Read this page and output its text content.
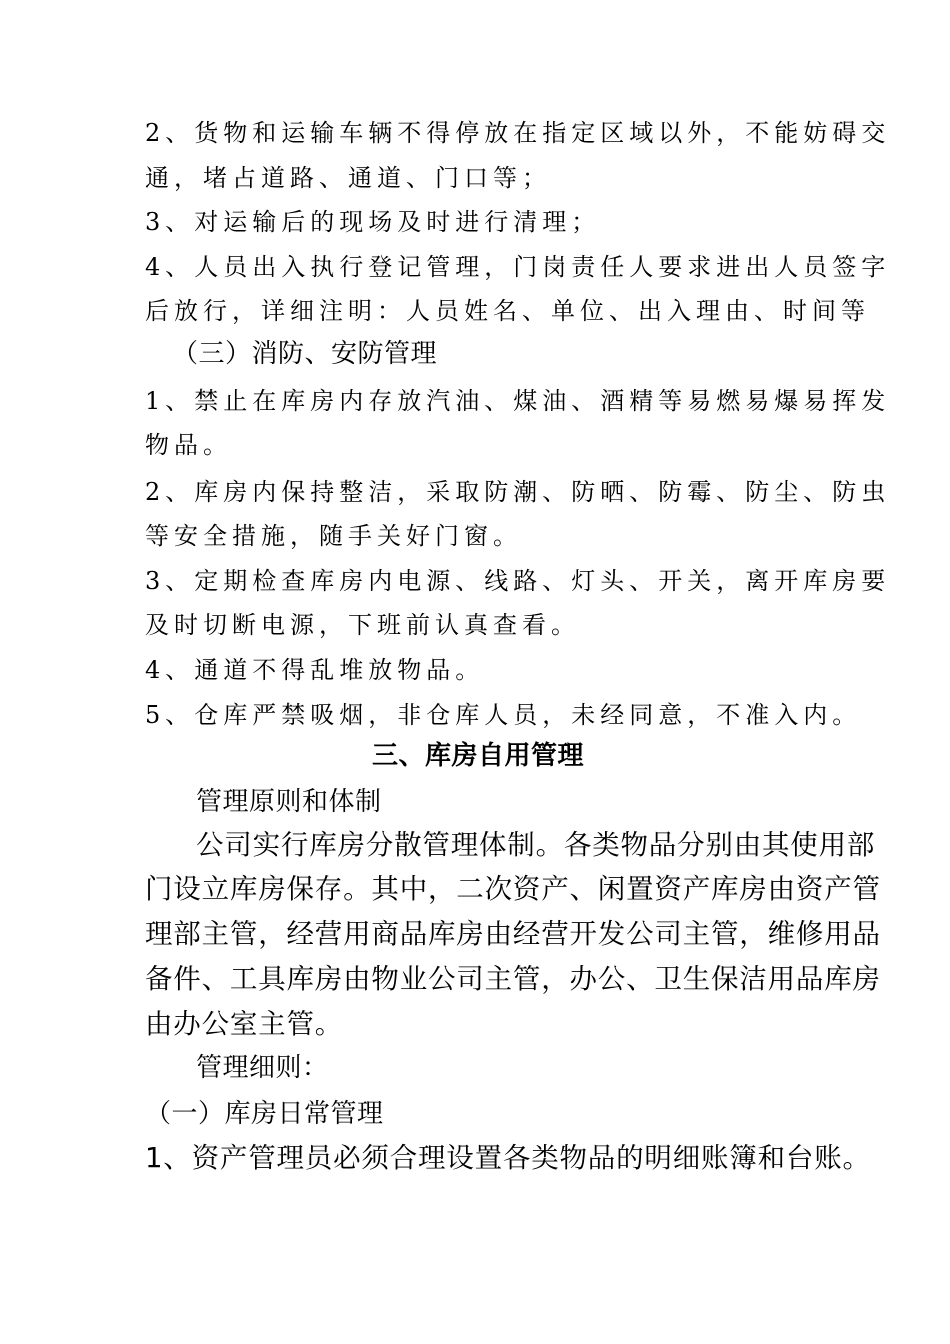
2、货物和运输车辆不得停放在指定区域以外，不能妨碍交
通，堵占道路、通道、门口等；
3、对运输后的现场及时进行清理；
4、人员出入执行登记管理，门岗责任人要求进出人员签字
后放行，详细注明：人员姓名、单位、出入理由、时间等
（三）消防、安防管理
1、禁止在库房内存放汽油、煤油、酒精等易燃易爆易挥发
物品。
2、库房内保持整洁，采取防潮、防晒、防霉、防尘、防虫
等安全措施，随手关好门窗。
3、定期检查库房内电源、线路、灯头、开关，离开库房要
及时切断电源，下班前认真查看。
4、通道不得乱堆放物品。
5、仓库严禁吸烟，非仓库人员，未经同意，不准入内。
三、库房自用管理
管理原则和体制
公司实行库房分散管理体制。各类物品分别由其使用部
门设立库房保存。其中，二次资产、闲置资产库房由资产管
理部主管，经营用商品库房由经营开发公司主管，维修用品
备件、工具库房由物业公司主管，办公、卫生保洁用品库房
由办公室主管。
管理细则：
（一）库房日常管理
1、资产管理员必须合理设置各类物品的明细账簿和台账。
